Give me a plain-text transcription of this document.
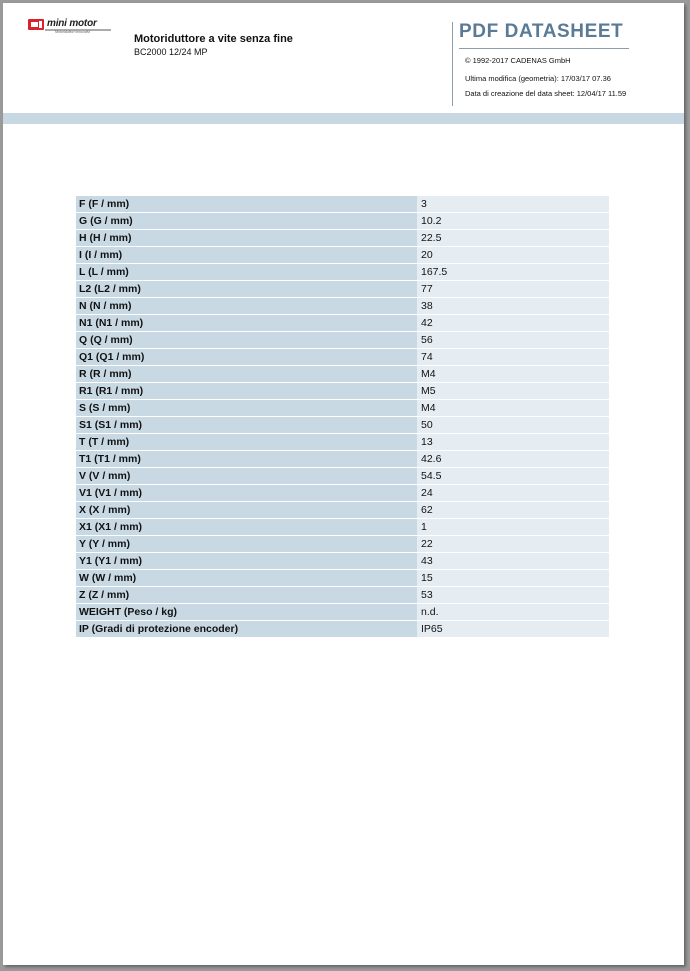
mini motor
Motoriduttori innovativi
Motoriduttore a vite senza fine
BC2000 12/24 MP
PDF DATASHEET
© 1992-2017 CADENAS GmbH
Ultima modifica (geometria): 17/03/17 07.36
Data di creazione del data sheet: 12/04/17 11.59
F (F / mm)	3
G (G / mm)	10.2
H (H / mm)	22.5
I (I / mm)	20
L (L / mm)	167.5
L2 (L2 / mm)	77
N (N / mm)	38
N1 (N1 / mm)	42
Q (Q / mm)	56
Q1 (Q1 / mm)	74
R (R / mm)	M4
R1 (R1 / mm)	M5
S (S / mm)	M4
S1 (S1 / mm)	50
T (T / mm)	13
T1 (T1 / mm)	42.6
V (V / mm)	54.5
V1 (V1 / mm)	24
X (X / mm)	62
X1 (X1 / mm)	1
Y (Y / mm)	22
Y1 (Y1 / mm)	43
W (W / mm)	15
Z (Z / mm)	53
WEIGHT (Peso / kg)	n.d.
IP (Gradi di protezione encoder)	IP65
